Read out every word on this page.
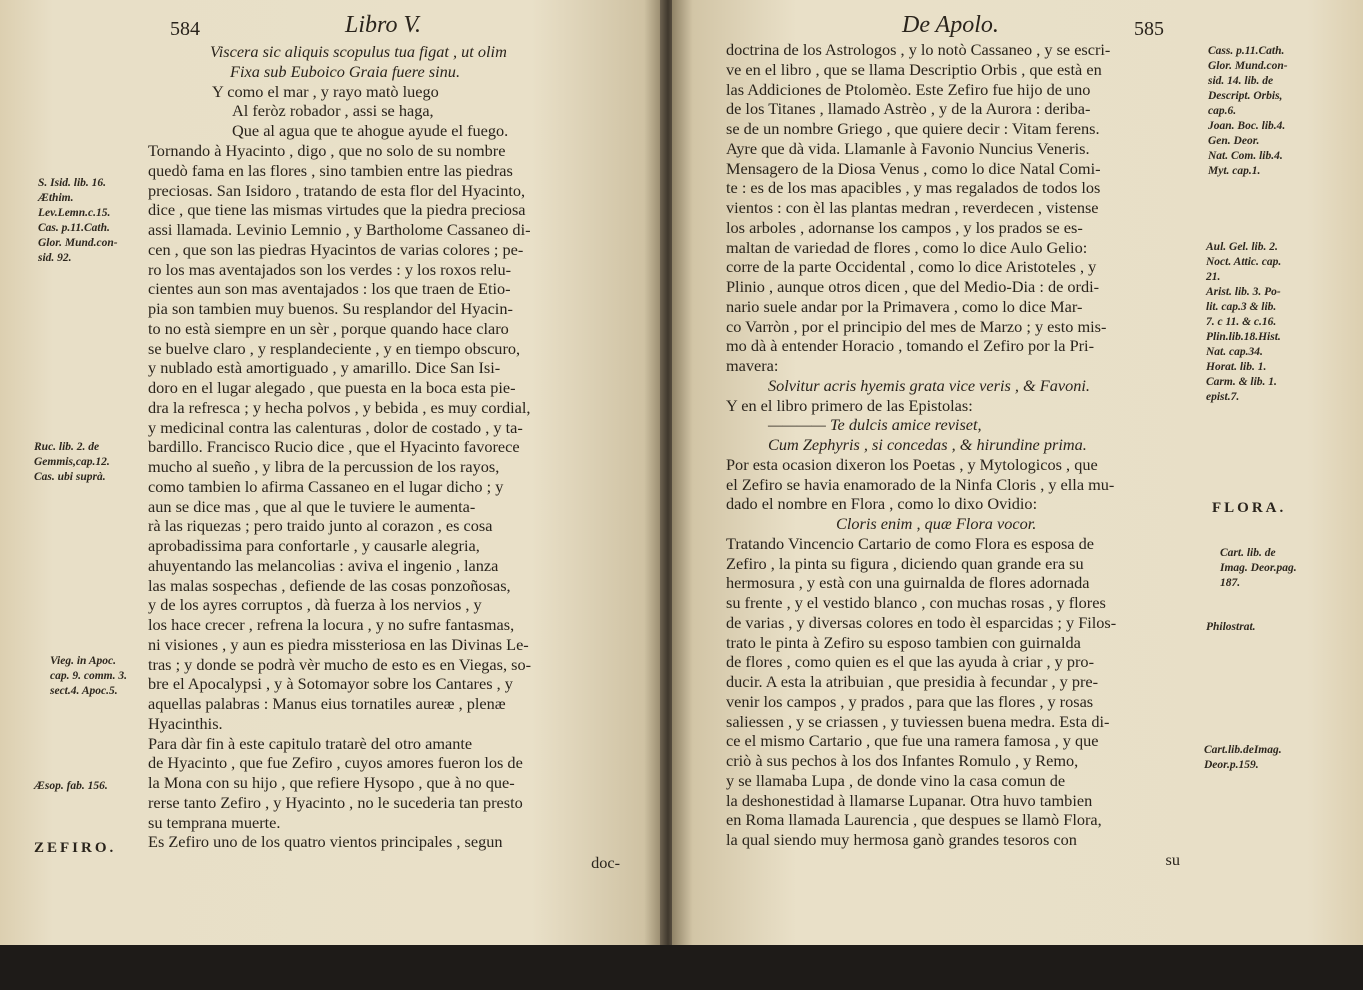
584	Libro V.
Viscera sic aliquis scopulus tua figat , ut olim
Fixa sub Euboico Graia fuere sinu.
Y como el mar , y rayo matò luego
Al feròz robador , assi se haga,
Que al agua que te ahogue ayude el fuego.
Tornando à Hyacinto , digo , que no solo de su nombre
quedò fama en las flores , sino tambien entre las piedras
preciosas. San Isidoro , tratando de esta flor del Hyacinto,
dice , que tiene las mismas virtudes que la piedra preciosa
assi llamada. Levinio Lemnio , y Bartholome Cassaneo di-
cen , que son las piedras Hyacintos de varias colores ; pe-
ro los mas aventajados son los verdes : y los roxos relu-
cientes aun son mas aventajados : los que traen de Etio-
pia son tambien muy buenos. Su resplandor del Hyacin-
to no està siempre en un sèr , porque quando hace claro
se buelve claro , y resplandeciente , y en tiempo obscuro,
y nublado està amortiguado , y amarillo. Dice San Isi-
doro en el lugar alegado , que puesta en la boca esta pie-
dra la refresca ; y hecha polvos , y bebida , es muy cordial,
y medicinal contra las calenturas , dolor de costado , y ta-
bardillo. Francisco Rucio dice , que el Hyacinto favorece
mucho al sueño , y libra de la percussion de los rayos,
como tambien lo afirma Cassaneo en el lugar dicho ; y
aun se dice mas , que al que le tuviere le aumenta-
rà las riquezas ; pero traido junto al corazon , es cosa
aprobadissima para confortarle , y causarle alegria,
ahuyentando las melancolias : aviva el ingenio , lanza
las malas sospechas , defiende de las cosas ponzoñosas,
y de los ayres corruptos , dà fuerza à los nervios , y
los hace crecer , refrena la locura , y no sufre fantasmas,
ni visiones , y aun es piedra missteriosa en las Divinas Le-
tras ; y donde se podrà vèr mucho de esto es en Viegas, so-
bre el Apocalypsi , y à Sotomayor sobre los Cantares , y
aquellas palabras : Manus eius tornatiles aureæ , plenæ
Hyacinthis.
Para dàr fin à este capitulo tratarè del otro amante
de Hyacinto , que fue Zefiro , cuyos amores fueron los de
la Mona con su hijo , que refiere Hysopo , que à no que-
rerse tanto Zefiro , y Hyacinto , no le sucederia tan presto
su temprana muerte.
Es Zefiro uno de los quatro vientos principales , segun
doc-
S. Isid. lib. 16.
Æthim.
Lev.Lemn.c.15.
Cas. p.11.Cath.
Glor. Mund.con-
sid. 92.
Ruc. lib. 2. de
Gemmis,cap.12.
Cas. ubi suprà.
Vieg. in Apoc.
cap. 9. comm. 3.
sect.4. Apoc.5.
Æsop. fab. 156.
ZEFIRO.
De Apolo.	585
doctrina de los Astrologos , y lo notò Cassaneo , y se escri-
ve en el libro , que se llama Descriptio Orbis , que està en
las Addiciones de Ptolomèo. Este Zefiro fue hijo de uno
de los Titanes , llamado Astrèo , y de la Aurora : deriba-
se de un nombre Griego , que quiere decir : Vitam ferens.
Ayre que dà vida. Llamanle à Favonio Nuncius Veneris.
Mensagero de la Diosa Venus , como lo dice Natal Comi-
te : es de los mas apacibles , y mas regalados de todos los
vientos : con èl las plantas medran , reverdecen , vistense
los arboles , adornanse los campos , y los prados se es-
maltan de variedad de flores , como lo dice Aulo Gelio:
corre de la parte Occidental , como lo dice Aristoteles , y
Plinio , aunque otros dicen , que del Medio-Dia : de ordi-
nario suele andar por la Primavera , como lo dice Mar-
co Varròn , por el principio del mes de Marzo ; y esto mis-
mo dà à entender Horacio , tomando el Zefiro por la Pri-
mavera:
Solvitur acris hyemis grata vice veris , & Favoni.
Y en el libro primero de las Epistolas:
———— Te dulcis amice reviset,
Cum Zephyris , si concedas , & hirundine prima.
Por esta ocasion dixeron los Poetas , y Mytologicos , que
el Zefiro se havia enamorado de la Ninfa Cloris , y ella mu-
dado el nombre en Flora , como lo dixo Ovidio:
Cloris enim , quæ Flora vocor.
Tratando Vincencio Cartario de como Flora es esposa de
Zefiro , la pinta su figura , diciendo quan grande era su
hermosura , y està con una guirnalda de flores adornada
su frente , y el vestido blanco , con muchas rosas , y flores
de varias , y diversas colores en todo èl esparcidas ; y Filos-
trato le pinta à Zefiro su esposo tambien con guirnalda
de flores , como quien es el que las ayuda à criar , y pro-
ducir. A esta la atribuian , que presidia à fecundar , y pre-
venir los campos , y prados , para que las flores , y rosas
saliessen , y se criassen , y tuviessen buena medra. Esta di-
ce el mismo Cartario , que fue una ramera famosa , y que
criò à sus pechos à los dos Infantes Romulo , y Remo,
y se llamaba Lupa , de donde vino la casa comun de
la deshonestidad à llamarse Lupanar. Otra huvo tambien
en Roma llamada Laurencia , que despues se llamò Flora,
la qual siendo muy hermosa ganò grandes tesoros con
su
Cass. p.11.Cath.
Glor. Mund.con-
sid. 14. lib. de
Descript. Orbis,
cap.6.
Joan. Boc. lib.4.
Gen. Deor.
Nat. Com. lib.4.
Myt. cap.1.
Aul. Gel. lib. 2.
Noct. Attic. cap.
21.
Arist. lib. 3. Po-
lit. cap.3 & lib.
7. c 11. & c.16.
Plin.lib.18.Hist.
Nat. cap.34.
Horat. lib. 1.
Carm. & lib. 1.
epist.7.
Cart. lib. de
Imag. Deor.pag.
187.
Philostrat.
Cart.lib.deImag.
Deor.p.159.
FLORA.
